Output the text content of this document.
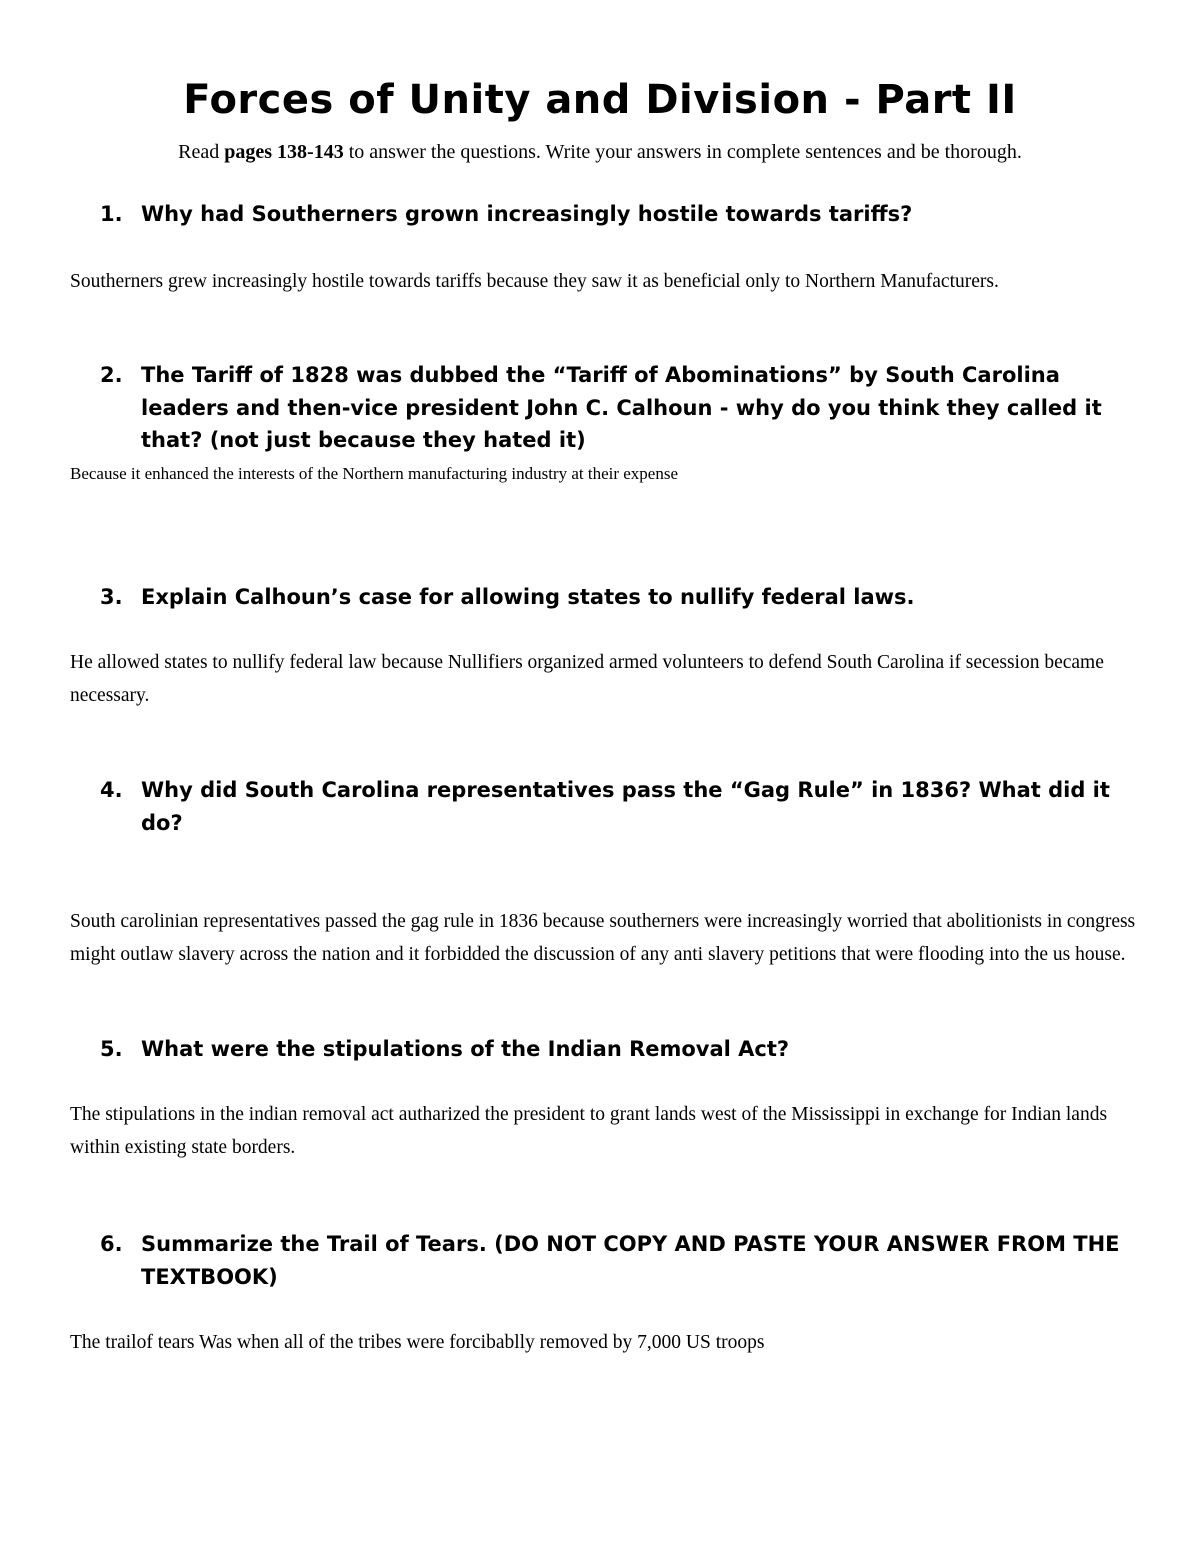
Forces of Unity and Division - Part II
Read pages 138-143 to answer the questions. Write your answers in complete sentences and be thorough.
1. Why had Southerners grown increasingly hostile towards tariffs?
Southerners grew increasingly hostile towards tariffs because they saw it as beneficial only to Northern Manufacturers.
2. The Tariff of 1828 was dubbed the “Tariff of Abominations” by South Carolina leaders and then-vice president John C. Calhoun - why do you think they called it that? (not just because they hated it)
Because it enhanced the interests of the Northern manufacturing industry at their expense
3. Explain Calhoun’s case for allowing states to nullify federal laws.
He allowed states to nullify federal law because Nullifiers organized armed volunteers to defend South Carolina if secession became necessary.
4. Why did South Carolina representatives pass the “Gag Rule” in 1836? What did it do?
South carolinian representatives passed the gag rule in 1836 because southerners were increasingly worried that abolitionists in congress might outlaw slavery across the nation and it forbidded the discussion of any anti slavery petitions that were flooding into the us house.
5. What were the stipulations of the Indian Removal Act?
The stipulations in the indian removal act autharized the president to grant lands west of the Mississippi in exchange for Indian lands within existing state borders.
6. Summarize the Trail of Tears. (DO NOT COPY AND PASTE YOUR ANSWER FROM THE TEXTBOOK)
The trailof tears Was when all of the tribes were forcibablly removed by 7,000 US troops
